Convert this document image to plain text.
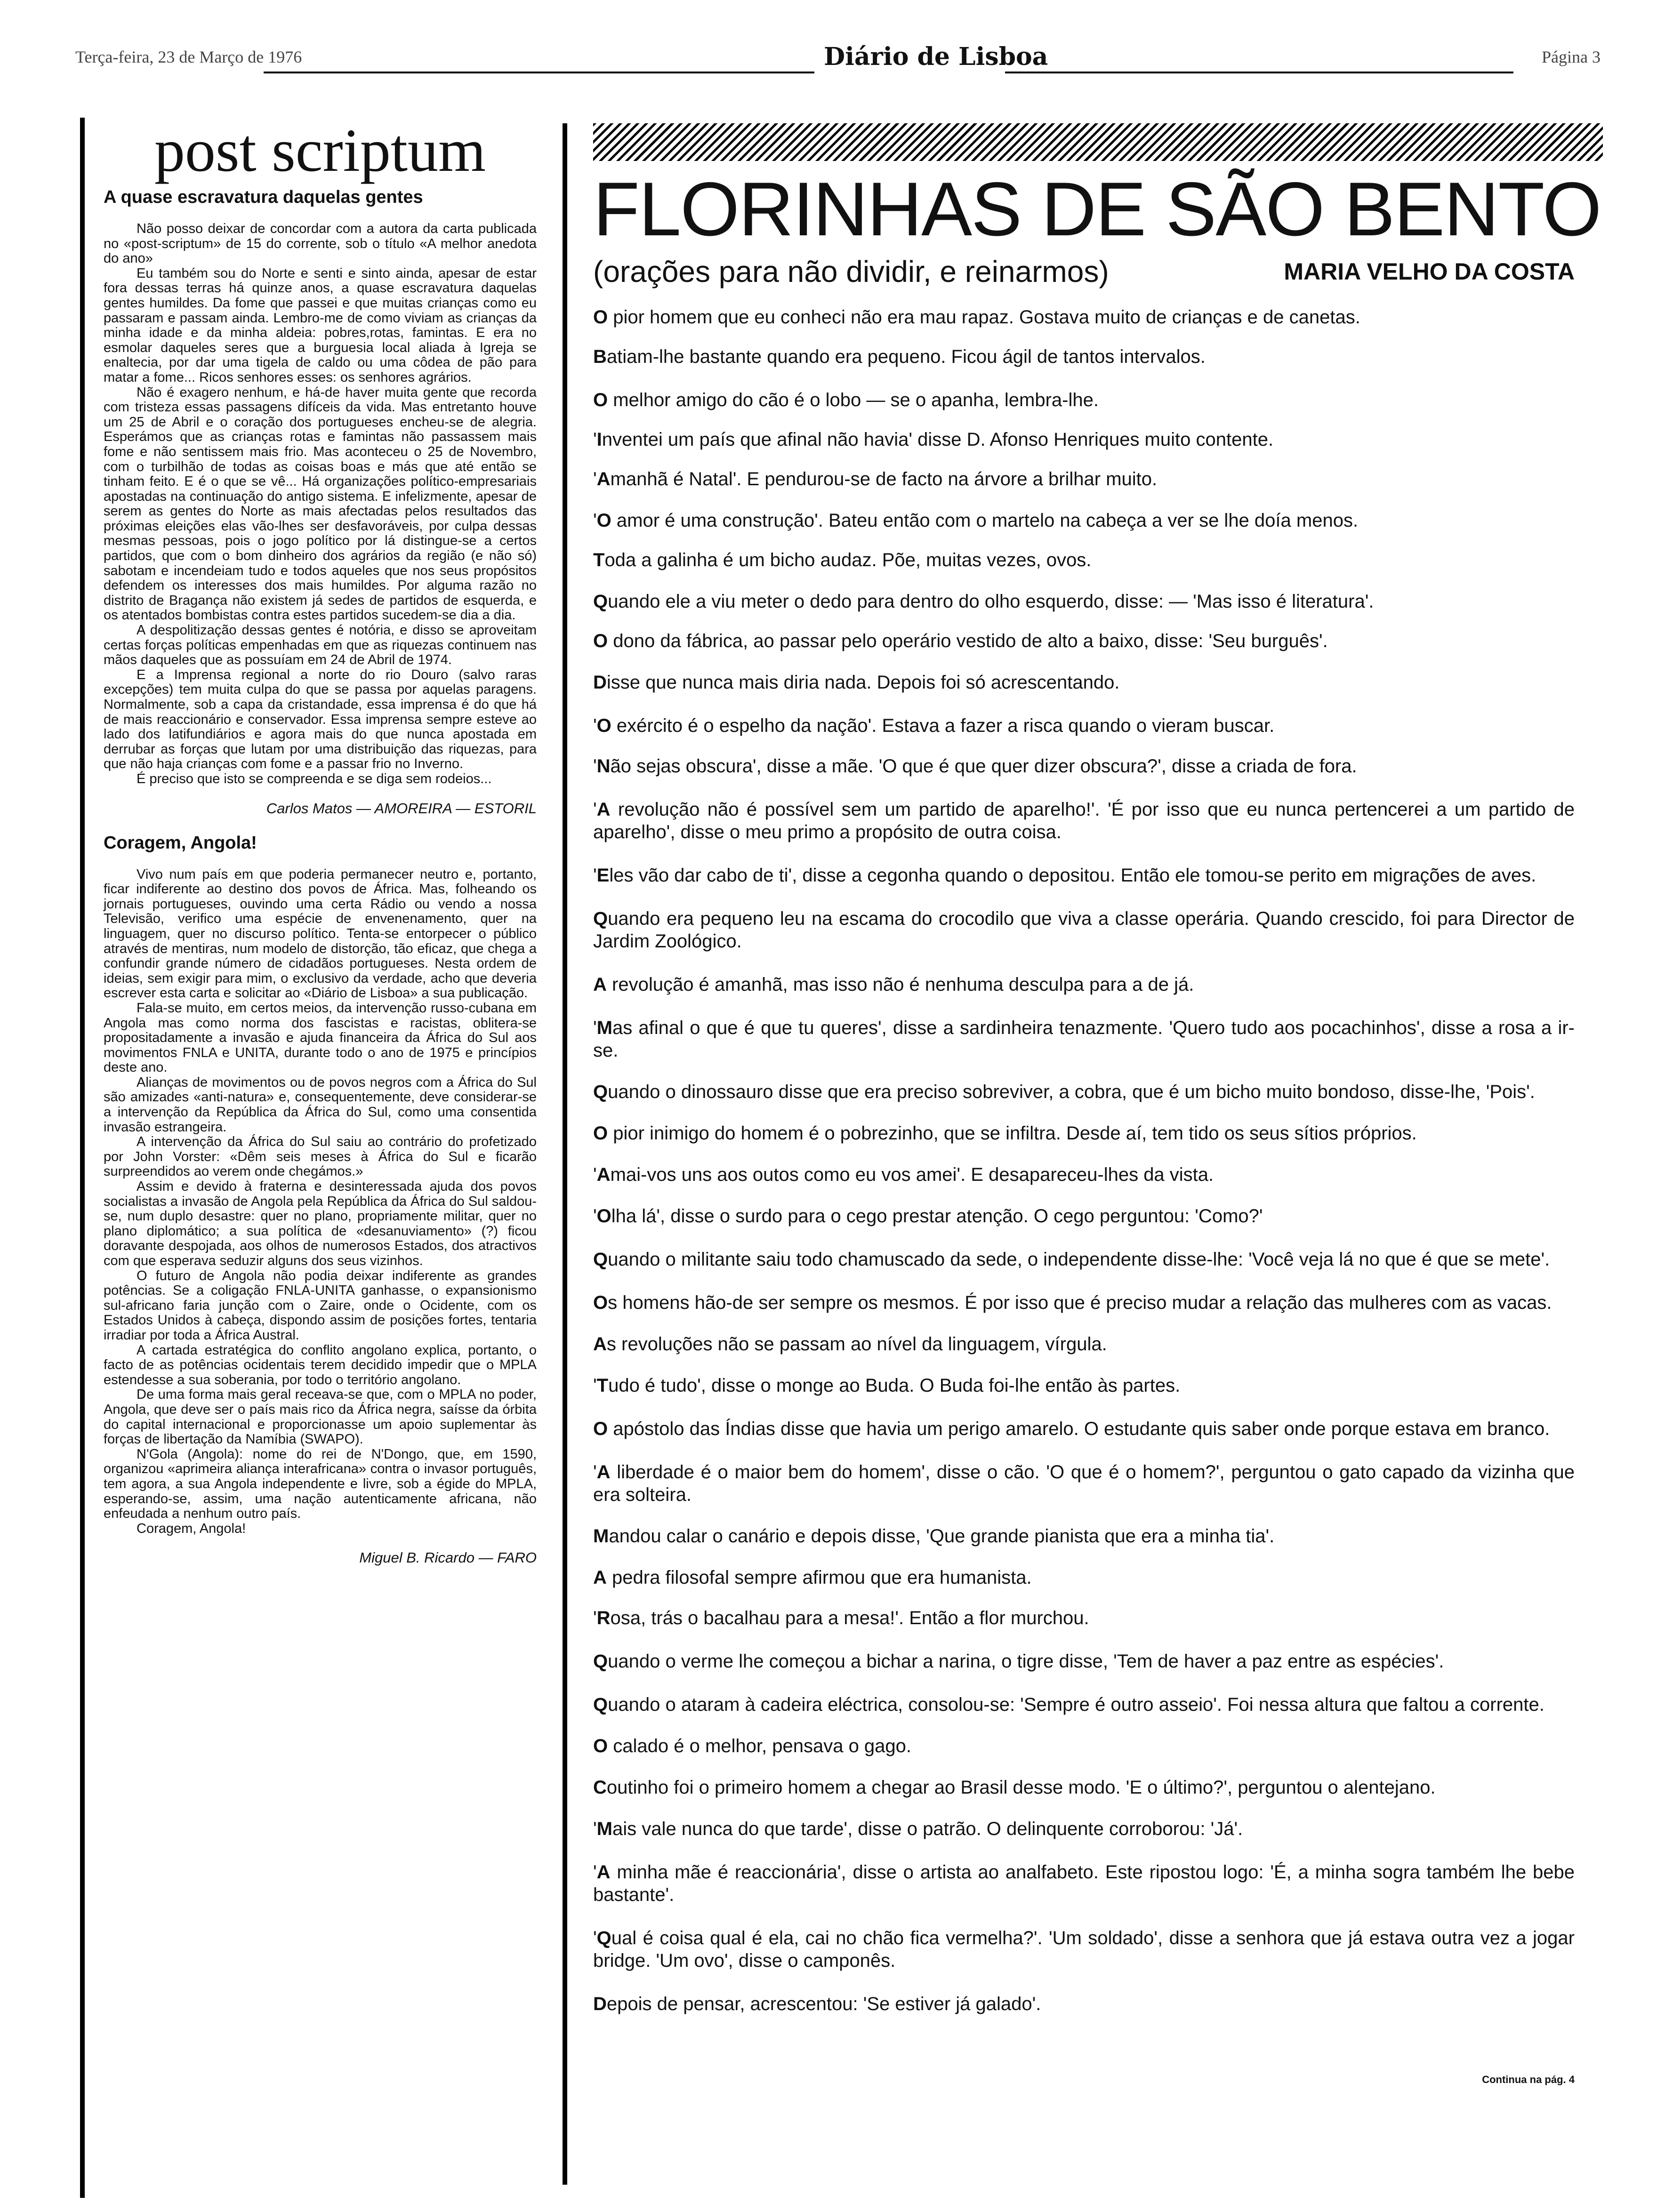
Terça-feira, 23 de Março de 1976	Diário de Lisboa	Página 3
post scriptum
A quase escravatura daquelas gentes

Não posso deixar de concordar com a autora da carta publicada no «post-scriptum» de 15 do corrente, sob o título «A melhor anedota do ano»

Eu também sou do Norte e senti e sinto ainda, apesar de estar fora dessas terras há quinze anos, a quase escravatura daquelas gentes humildes. Da fome que passei e que muitas crianças como eu passaram e passam ainda. Lembro-me de como viviam as crianças da minha idade e da minha aldeia: pobres,rotas, famintas. E era no esmolar daqueles seres que a burguesia local aliada à Igreja se enaltecia, por dar uma tigela de caldo ou uma côdea de pão para matar a fome... Ricos senhores esses: os senhores agrários.

Não é exagero nenhum, e há-de haver muita gente que recorda com tristeza essas passagens difíceis da vida. Mas entretanto houve um 25 de Abril e o coração dos portugueses encheu-se de alegria. Esperámos que as crianças rotas e famintas não passassem mais fome e não sentissem mais frio. Mas aconteceu o 25 de Novembro, com o turbilhão de todas as coisas boas e más que até então se tinham feito. E é o que se vê... Há organizações político-empresariais apostadas na continuação do antigo sistema. E infelizmente, apesar de serem as gentes do Norte as mais afectadas pelos resultados das próximas eleições elas vão-lhes ser desfavoráveis, por culpa dessas mesmas pessoas, pois o jogo político por lá distingue-se a certos partidos, que com o bom dinheiro dos agrários da região (e não só) sabotam e incendeiam tudo e todos aqueles que nos seus propósitos defendem os interesses dos mais humildes. Por alguma razão no distrito de Bragança não existem já sedes de partidos de esquerda, e os atentados bombistas contra estes partidos sucedem-se dia a dia.

A despolitização dessas gentes é notória, e disso se aproveitam certas forças políticas empenhadas em que as riquezas continuem nas mãos daqueles que as possuíam em 24 de Abril de 1974.

E a Imprensa regional a norte do rio Douro (salvo raras excepções) tem muita culpa do que se passa por aquelas paragens. Normalmente, sob a capa da cristandade, essa imprensa é do que há de mais reaccionário e conservador. Essa imprensa sempre esteve ao lado dos latifundiários e agora mais do que nunca apostada em derrubar as forças que lutam por uma distribuição das riquezas, para que não haja crianças com fome e a passar frio no Inverno.

É preciso que isto se compreenda e se diga sem rodeios...

Carlos Matos — AMOREIRA — ESTORIL
Coragem, Angola!

Vivo num país em que poderia permanecer neutro e, portanto, ficar indiferente ao destino dos povos de África. Mas, folheando os jornais portugueses, ouvindo uma certa Rádio ou vendo a nossa Televisão, verifico uma espécie de envenenamento, quer na linguagem, quer no discurso político. Tenta-se entorpecer o público através de mentiras, num modelo de distorção, tão eficaz, que chega a confundir grande número de cidadãos portugueses. Nesta ordem de ideias, sem exigir para mim, o exclusivo da verdade, acho que deveria escrever esta carta e solicitar ao «Diário de Lisboa» a sua publicação.

Fala-se muito, em certos meios, da intervenção russo-cubana em Angola mas como norma dos fascistas e racistas, oblitera-se propositadamente a invasão e ajuda financeira da África do Sul aos movimentos FNLA e UNITA, durante todo o ano de 1975 e princípios deste ano.

Alianças de movimentos ou de povos negros com a África do Sul são amizades «anti-natura» e, consequentemente, deve considerar-se a intervenção da República da África do Sul, como uma consentida invasão estrangeira.

A intervenção da África do Sul saiu ao contrário do profetizado por John Vorster: «Dêm seis meses à África do Sul e ficarão surpreendidos ao verem onde chegámos.»

Assim e devido à fraterna e desinteressada ajuda dos povos socialistas a invasão de Angola pela República da África do Sul saldou-se, num duplo desastre: quer no plano, propriamente militar, quer no plano diplomático; a sua política de «desanuviamento» (?) ficou doravante despojada, aos olhos de numerosos Estados, dos atractivos com que esperava seduzir alguns dos seus vizinhos.

O futuro de Angola não podia deixar indiferente as grandes potências. Se a coligação FNLA-UNITA ganhasse, o expansionismo sul-africano faria junção com o Zaire, onde o Ocidente, com os Estados Unidos à cabeça, dispondo assim de posições fortes, tentaria irradiar por toda a África Austral.

A cartada estratégica do conflito angolano explica, portanto, o facto de as potências ocidentais terem decidido impedir que o MPLA estendesse a sua soberania, por todo o território angolano.

De uma forma mais geral receava-se que, com o MPLA no poder, Angola, que deve ser o país mais rico da África negra, saísse da órbita do capital internacional e proporcionasse um apoio suplementar às forças de libertação da Namíbia (SWAPO).

N'Gola (Angola): nome do rei de N'Dongo, que, em 1590, organizou «aprimeira aliança interafricana» contra o invasor português, tem agora, a sua Angola independente e livre, sob a égide do MPLA, esperando-se, assim, uma nação autenticamente africana, não enfeudada a nenhum outro país.

Coragem, Angola!

Miguel B. Ricardo — FARO
FLORINHAS DE SÃO BENTO
(orações para não dividir, e reinarmos)	MARIA VELHO DA COSTA
O pior homem que eu conheci não era mau rapaz. Gostava muito de crianças e de canetas.
Batiam-lhe bastante quando era pequeno. Ficou ágil de tantos intervalos.
O melhor amigo do cão é o lobo — se o apanha, lembra-lhe.
'Inventei um país que afinal não havia' disse D. Afonso Henriques muito contente.
'Amanhã é Natal'. E pendurou-se de facto na árvore a brilhar muito.
'O amor é uma construção'. Bateu então com o martelo na cabeça a ver se lhe doía menos.
Toda a galinha é um bicho audaz. Põe, muitas vezes, ovos.
Quando ele a viu meter o dedo para dentro do olho esquerdo, disse: — 'Mas isso é literatura'.
O dono da fábrica, ao passar pelo operário vestido de alto a baixo, disse: 'Seu burguês'.
Disse que nunca mais diria nada. Depois foi só acrescentando.
'O exército é o espelho da nação'. Estava a fazer a risca quando o vieram buscar.
'Não sejas obscura', disse a mãe. 'O que é que quer dizer obscura?', disse a criada de fora.
'A revolução não é possível sem um partido de aparelho!'. 'É por isso que eu nunca pertencerei a um partido de aparelho', disse o meu primo a propósito de outra coisa.
'Eles vão dar cabo de ti', disse a cegonha quando o depositou. Então ele tomou-se perito em migrações de aves.
Quando era pequeno leu na escama do crocodilo que viva a classe operária. Quando crescido, foi para Director de Jardim Zoológico.
A revolução é amanhã, mas isso não é nenhuma desculpa para a de já.
'Mas afinal o que é que tu queres', disse a sardinheira tenazmente. 'Quero tudo aos pocachinhos', disse a rosa a ir-se.
Quando o dinossauro disse que era preciso sobreviver, a cobra, que é um bicho muito bondoso, disse-lhe, 'Pois'.
O pior inimigo do homem é o pobrezinho, que se infiltra. Desde aí, tem tido os seus sítios próprios.
'Amai-vos uns aos outos como eu vos amei'. E desapareceu-lhes da vista.
'Olha lá', disse o surdo para o cego prestar atenção. O cego perguntou: 'Como?'
Quando o militante saiu todo chamuscado da sede, o independente disse-lhe: 'Você veja lá no que é que se mete'.
Os homens hão-de ser sempre os mesmos. É por isso que é preciso mudar a relação das mulheres com as vacas.
As revoluções não se passam ao nível da linguagem, vírgula.
'Tudo é tudo', disse o monge ao Buda. O Buda foi-lhe então às partes.
O apóstolo das Índias disse que havia um perigo amarelo. O estudante quis saber onde porque estava em branco.
'A liberdade é o maior bem do homem', disse o cão. 'O que é o homem?', perguntou o gato capado da vizinha que era solteira.
Mandou calar o canário e depois disse, 'Que grande pianista que era a minha tia'.
A pedra filosofal sempre afirmou que era humanista.
'Rosa, trás o bacalhau para a mesa!'. Então a flor murchou.
Quando o verme lhe começou a bichar a narina, o tigre disse, 'Tem de haver a paz entre as espécies'.
Quando o ataram à cadeira eléctrica, consolou-se: 'Sempre é outro asseio'. Foi nessa altura que faltou a corrente.
O calado é o melhor, pensava o gago.
Coutinho foi o primeiro homem a chegar ao Brasil desse modo. 'E o último?', perguntou o alentejano.
'Mais vale nunca do que tarde', disse o patrão. O delinquente corroborou: 'Já'.
'A minha mãe é reaccionária', disse o artista ao analfabeto. Este ripostou logo: 'É, a minha sogra também lhe bebe bastante'.
'Qual é coisa qual é ela, cai no chão fica vermelha?'. 'Um soldado', disse a senhora que já estava outra vez a jogar bridge. 'Um ovo', disse o camponês.
Depois de pensar, acrescentou: 'Se estiver já galado'.
Continua na pág. 4
